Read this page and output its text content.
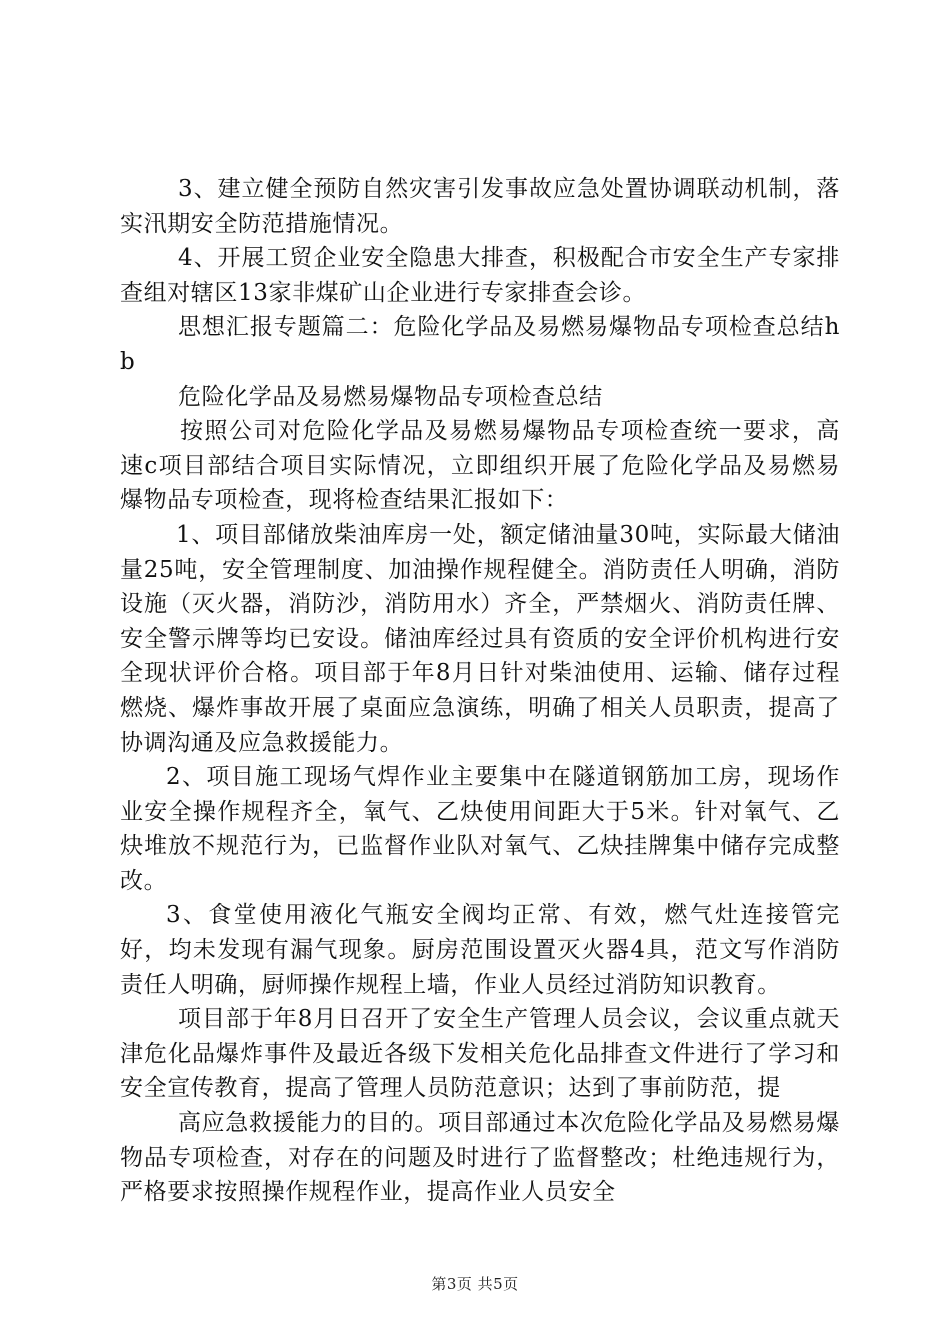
3、建立健全预防自然灾害引发事故应急处置协调联动机制，落实汛期安全防范措施情况。

4、开展工贸企业安全隐患大排查，积极配合市安全生产专家排查组对辖区13家非煤矿山企业进行专家排查会诊。

思想汇报专题篇二：危险化学品及易燃易爆物品专项检查总结hb

危险化学品及易燃易爆物品专项检查总结

按照公司对危险化学品及易燃易爆物品专项检查统一要求，高速c项目部结合项目实际情况，立即组织开展了危险化学品及易燃易爆物品专项检查，现将检查结果汇报如下：

1、项目部储放柴油库房一处，额定储油量30吨，实际最大储油量25吨，安全管理制度、加油操作规程健全。消防责任人明确，消防设施（灭火器，消防沙，消防用水）齐全，严禁烟火、消防责任牌、安全警示牌等均已安设。储油库经过具有资质的安全评价机构进行安全现状评价合格。项目部于年8月日针对柴油使用、运输、储存过程燃烧、爆炸事故开展了桌面应急演练，明确了相关人员职责，提高了协调沟通及应急救援能力。

2、项目施工现场气焊作业主要集中在隧道钢筋加工房，现场作业安全操作规程齐全，氧气、乙炔使用间距大于5米。针对氧气、乙炔堆放不规范行为，已监督作业队对氧气、乙炔挂牌集中储存完成整改。

3、食堂使用液化气瓶安全阀均正常、有效，燃气灶连接管完好，均未发现有漏气现象。厨房范围设置灭火器4具，范文写作消防责任人明确，厨师操作规程上墙，作业人员经过消防知识教育。

项目部于年8月日召开了安全生产管理人员会议，会议重点就天津危化品爆炸事件及最近各级下发相关危化品排查文件进行了学习和安全宣传教育，提高了管理人员防范意识；达到了事前防范，提

高应急救援能力的目的。项目部通过本次危险化学品及易燃易爆物品专项检查，对存在的问题及时进行了监督整改；杜绝违规行为，严格要求按照操作规程作业，提高作业人员安全

第3页 共5页
